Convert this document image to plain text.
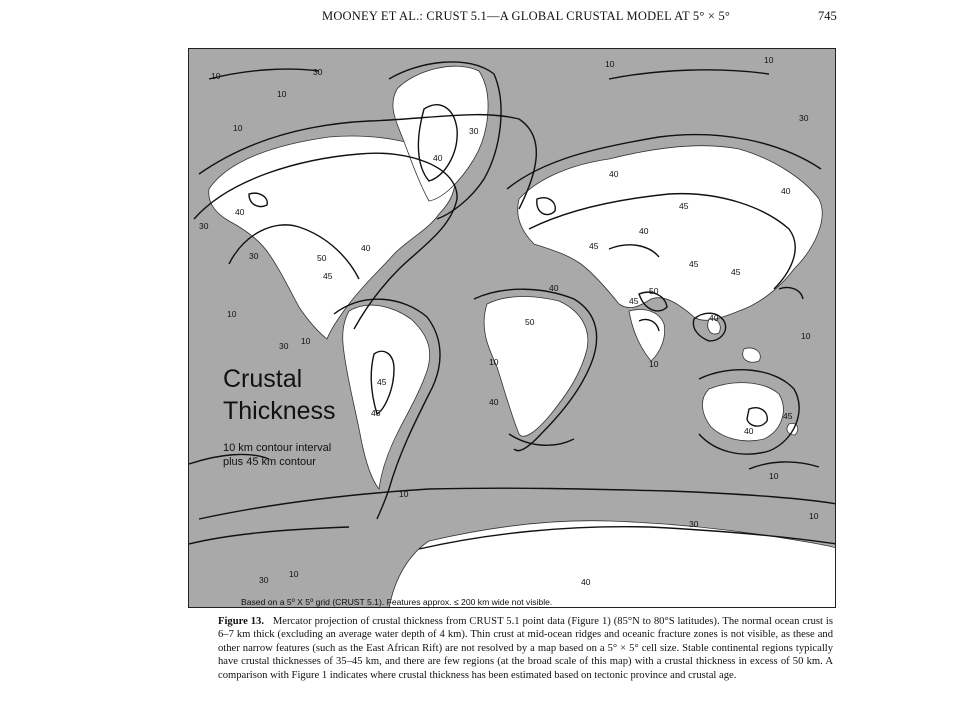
MOONEY ET AL.: CRUST 5.1—A GLOBAL CRUSTAL MODEL AT 5° × 5°	745
10
10
10
10	10
10
10
10	10
10
10
10
10
10
30
30
30
30
30
30
30
30
40
40
40
40
40
40
40
40
40
40
40
45
45
45
45
45
45
45
45
45
50
50
50
Crustal
Thickness
10 km contour interval
plus 45 km contour
Based on a 5º X 5º grid (CRUST 5.1). Features approx. ≤ 200 km wide not visible.
Figure 13.   Mercator projection of crustal thickness from CRUST 5.1 point data (Figure 1) (85°N to 80°S latitudes). The normal ocean crust is 6–7 km thick (excluding an average water depth of 4 km). Thin crust at mid-ocean ridges and oceanic fracture zones is not visible, as these and other narrow features (such as the East African Rift) are not resolved by a map based on a 5° × 5° cell size. Stable continental regions typically have crustal thicknesses of 35–45 km, and there are few regions (at the broad scale of this map) with a crustal thickness in excess of 50 km. A comparison with Figure 1 indicates where crustal thickness has been estimated based on tectonic province and crustal age.
